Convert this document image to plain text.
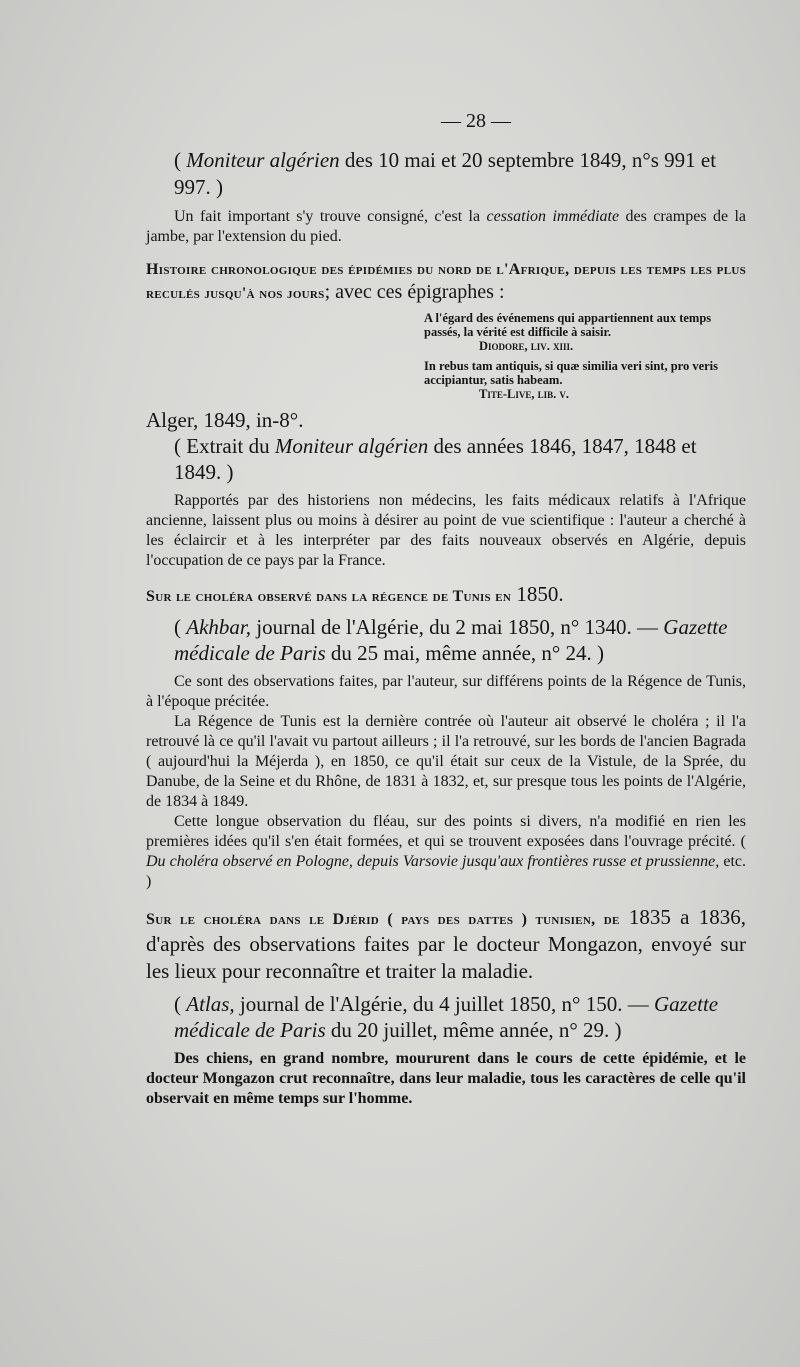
— 28 —

( Moniteur algérien des 10 mai et 20 septembre 1849, n°s 991 et 997. )

Un fait important s'y trouve consigné, c'est la cessation immédiate des crampes de la jambe, par l'extension du pied.

Histoire chronologique des épidémies du nord de l'Afrique, depuis les temps les plus reculés jusqu'à nos jours; avec ces épigraphes :

A l'égard des événemens qui appartiennent aux temps passés, la vérité est difficile à saisir.

Diodore, liv. xiii.

In rebus tam antiquis, si quæ similia veri sint, pro veris accipiantur, satis habeam.

Tite-Live, lib. v.

Alger, 1849, in-8°.

( Extrait du Moniteur algérien des années 1846, 1847, 1848 et 1849. )

Rapportés par des historiens non médecins, les faits médicaux relatifs à l'Afrique ancienne, laissent plus ou moins à désirer au point de vue scientifique : l'auteur a cherché à les éclaircir et à les interpréter par des faits nouveaux observés en Algérie, depuis l'occupation de ce pays par la France.

Sur le choléra observé dans la régence de Tunis en 1850.

( Akhbar, journal de l'Algérie, du 2 mai 1850, n° 1340. — Gazette médicale de Paris du 25 mai, même année, n° 24. )

Ce sont des observations faites, par l'auteur, sur différens points de la Régence de Tunis, à l'époque précitée.

La Régence de Tunis est la dernière contrée où l'auteur ait observé le choléra ; il l'a retrouvé là ce qu'il l'avait vu partout ailleurs ; il l'a retrouvé, sur les bords de l'ancien Bagrada ( aujourd'hui la Méjerda ), en 1850, ce qu'il était sur ceux de la Vistule, de la Sprée, du Danube, de la Seine et du Rhône, de 1831 à 1832, et, sur presque tous les points de l'Algérie, de 1834 à 1849.

Cette longue observation du fléau, sur des points si divers, n'a modifié en rien les premières idées qu'il s'en était formées, et qui se trouvent exposées dans l'ouvrage précité. ( Du choléra observé en Pologne, depuis Varsovie jusqu'aux frontières russe et prussienne, etc. )

Sur le choléra dans le Djérid ( pays des dattes ) tunisien, de 1835 a 1836, d'après des observations faites par le docteur Mongazon, envoyé sur les lieux pour reconnaître et traiter la maladie.

( Atlas, journal de l'Algérie, du 4 juillet 1850, n° 150. — Gazette médicale de Paris du 20 juillet, même année, n° 29. )

Des chiens, en grand nombre, moururent dans le cours de cette épidémie, et le docteur Mongazon crut reconnaître, dans leur maladie, tous les caractères de celle qu'il observait en même temps sur l'homme.
